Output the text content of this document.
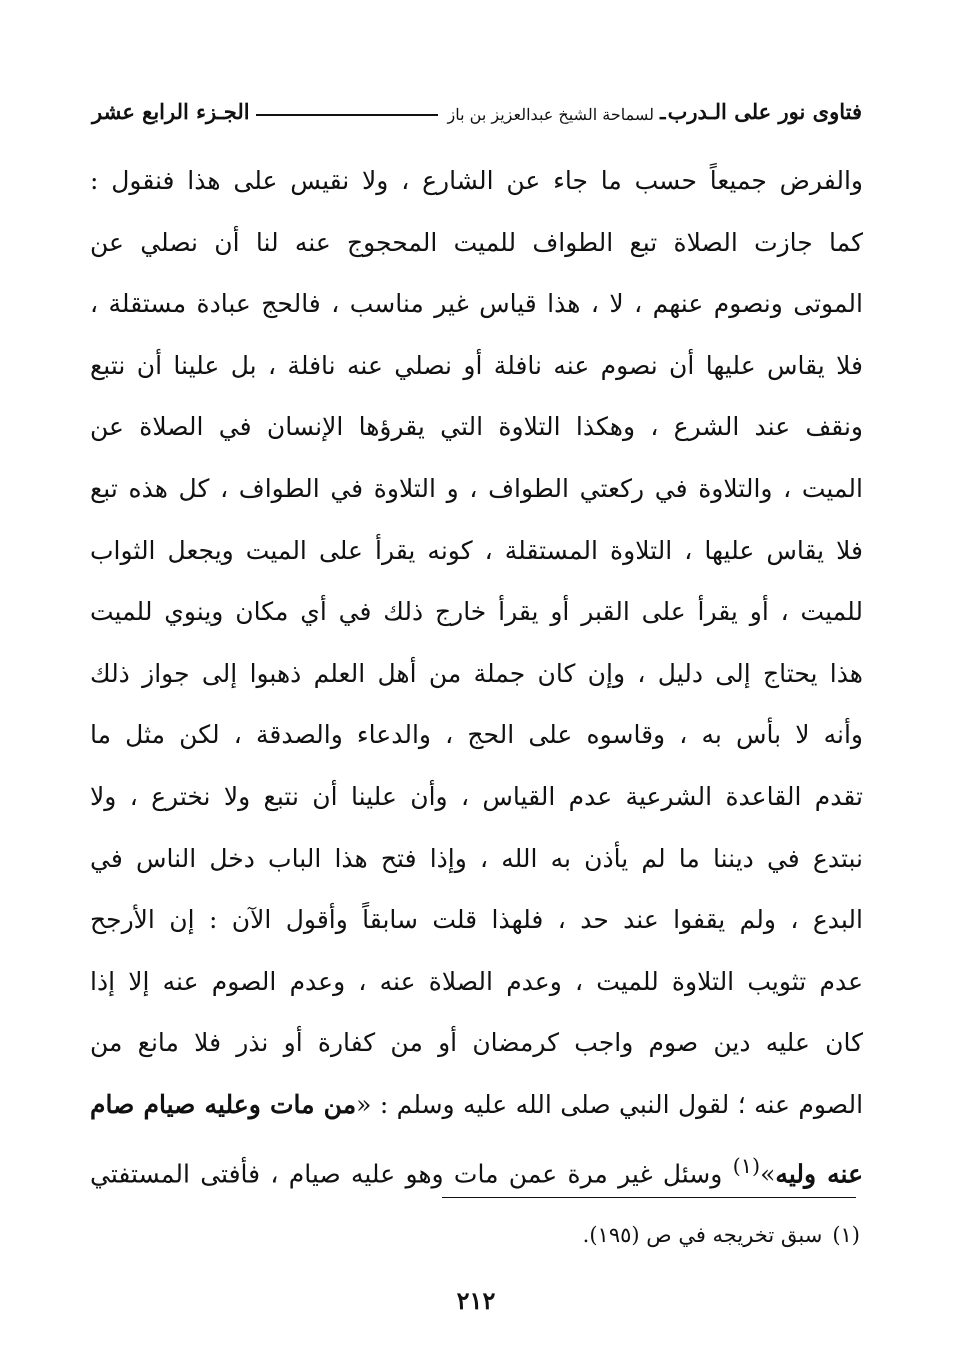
فتاوى نور على الـدرب
ـ
لسماحة الشيخ عبدالعزيز بن باز
الجـزء الرابع عشر
والفرض جميعاً حسب ما جاء عن الشارع ، ولا نقيس على هذا فنقول :
كما جازت الصلاة تبع الطواف للميت المحجوج عنه لنا أن نصلي عن
الموتى ونصوم عنهم ، لا ، هذا قياس غير مناسب ، فالحج عبادة مستقلة ،
فلا يقاس عليها أن نصوم عنه نافلة أو نصلي عنه نافلة ، بل علينا أن نتبع
ونقف عند الشرع ، وهكذا التلاوة التي يقرؤها الإنسان في الصلاة عن
الميت ، والتلاوة في ركعتي الطواف ، و التلاوة في الطواف ، كل هذه تبع
فلا يقاس عليها ، التلاوة المستقلة ، كونه يقرأ على الميت ويجعل الثواب
للميت ، أو يقرأ على القبر أو يقرأ خارج ذلك في أي مكان وينوي للميت
هذا يحتاج إلى دليل ، وإن كان جملة من أهل العلم ذهبوا إلى جواز ذلك
وأنه لا بأس به ، وقاسوه على الحج ، والدعاء والصدقة ، لكن مثل ما
تقدم القاعدة الشرعية عدم القياس ، وأن علينا أن نتبع ولا نخترع ، ولا
نبتدع في ديننا ما لم يأذن به الله ، وإذا فتح هذا الباب دخل الناس في
البدع ، ولم يقفوا عند حد ، فلهذا قلت سابقاً وأقول الآن : إن الأرجح
عدم تثويب التلاوة للميت ، وعدم الصلاة عنه ، وعدم الصوم عنه إلا إذا
كان عليه دين صوم واجب كرمضان أو من كفارة أو نذر فلا مانع من
الصوم عنه ؛ لقول النبي صلى الله عليه وسلم : «من مات وعليه صيام صام
عنه وليه»$^{(١)}$ وسئل غير مرة عمن مات وهو عليه صيام ، فأفتى المستفتي
(١)سبق تخريجه في ص (١٩٥).
٢١٢
